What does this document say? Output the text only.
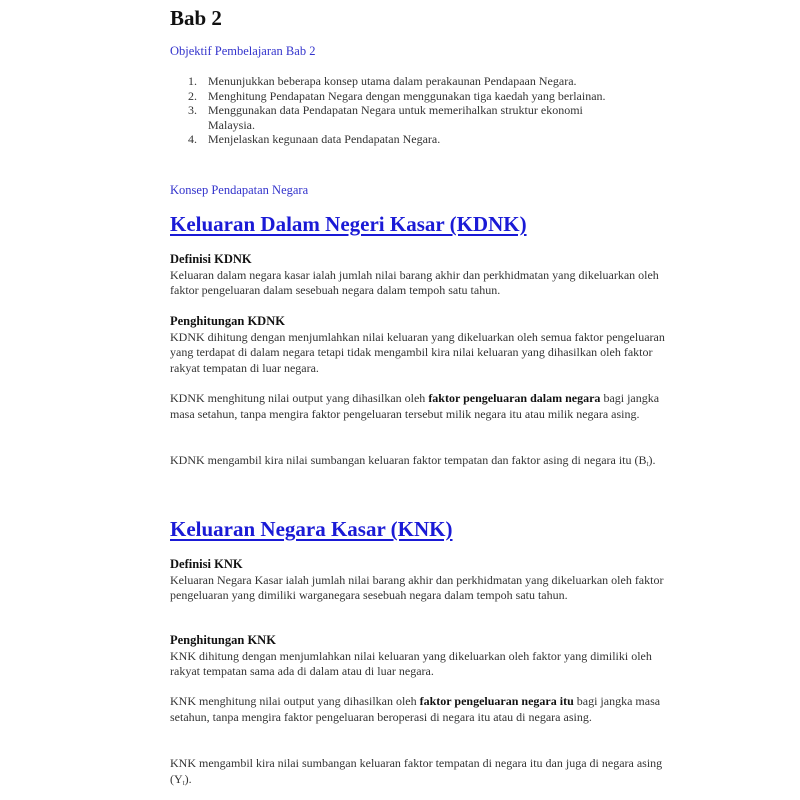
Bab 2

Objektif Pembelajaran Bab 2

1. Menunjukkan beberapa konsep utama dalam perakaunan Pendapaan Negara.
2. Menghitung Pendapatan Negara dengan menggunakan tiga kaedah yang berlainan.
3. Menggunakan data Pendapatan Negara untuk memerihalkan struktur ekonomi Malaysia.
4. Menjelaskan kegunaan data Pendapatan Negara.

Konsep Pendapatan Negara

Keluaran Dalam Negeri Kasar (KDNK)
Definisi KDNK

Keluaran dalam negara kasar ialah jumlah nilai barang akhir dan perkhidmatan yang dikeluarkan oleh faktor pengeluaran dalam sesebuah negara dalam tempoh satu tahun.

Penghitungan KDNK

KDNK dihitung dengan menjumlahkan nilai keluaran yang dikeluarkan oleh semua faktor pengeluaran yang terdapat di dalam negara tetapi tidak mengambil kira nilai keluaran yang dihasilkan oleh faktor rakyat tempatan di luar negara.

KDNK menghitung nilai output yang dihasilkan oleh faktor pengeluaran dalam negara bagi jangka masa setahun, tanpa mengira faktor pengeluaran tersebut milik negara itu atau milik negara asing.

KDNK mengambil kira nilai sumbangan keluaran faktor tempatan dan faktor asing di negara itu $(B_t)$.

Keluaran Negara Kasar (KNK)
Definisi KNK

Keluaran Negara Kasar ialah jumlah nilai barang akhir dan perkhidmatan yang dikeluarkan oleh faktor pengeluaran yang dimiliki warganegara sesebuah negara dalam tempoh satu tahun.

Penghitungan KNK

KNK dihitung dengan menjumlahkan nilai keluaran yang dikeluarkan oleh faktor yang dimiliki oleh rakyat tempatan sama ada di dalam atau di luar negara.

KNK menghitung nilai output yang dihasilkan oleh faktor pengeluaran negara itu bagi jangka masa setahun, tanpa mengira faktor pengeluaran beroperasi di negara itu atau di negara asing.

KNK mengambil kira nilai sumbangan keluaran faktor tempatan di negara itu dan juga di negara asing $(Y_t)$.
